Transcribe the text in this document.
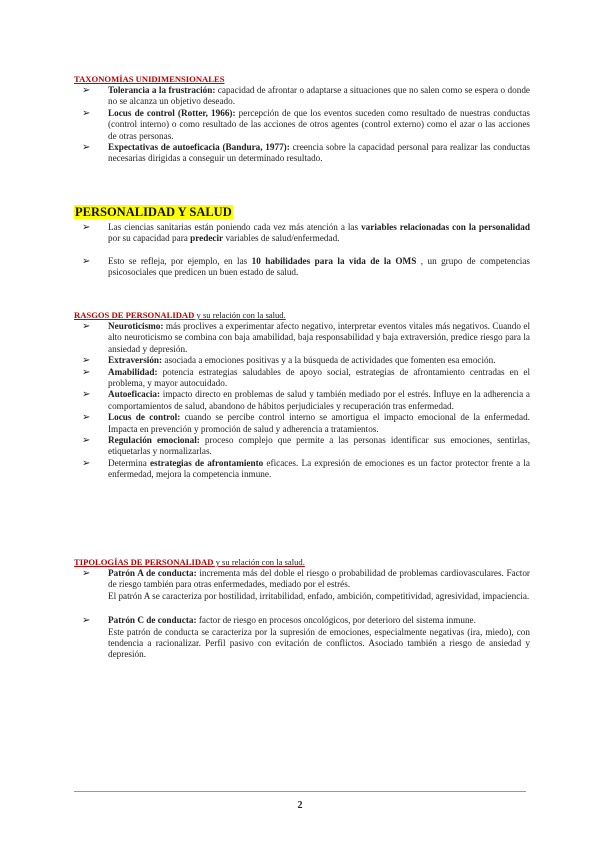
TAXONOMÍAS UNIDIMENSIONALES
➢ Tolerancia a la frustración: capacidad de afrontar o adaptarse a situaciones que no salen como se espera o donde no se alcanza un objetivo deseado.
➢ Locus de control (Rotter, 1966): percepción de que los eventos suceden como resultado de nuestras conductas (control interno) o como resultado de las acciones de otros agentes (control externo) como el azar o las acciones de otras personas.
➢ Expectativas de autoeficacia (Bandura, 1977): creencia sobre la capacidad personal para realizar las conductas necesarias dirigidas a conseguir un determinado resultado.
PERSONALIDAD Y SALUD
➢ Las ciencias sanitarias están poniendo cada vez más atención a las variables relacionadas con la personalidad por su capacidad para predecir variables de salud/enfermedad.
➢ Esto se refleja, por ejemplo, en las 10 habilidades para la vida de la OMS , un grupo de competencias psicosociales que predicen un buen estado de salud.
RASGOS DE PERSONALIDAD y su relación con la salud.
➢ Neuroticismo: más proclives a experimentar afecto negativo, interpretar eventos vitales más negativos. Cuando el alto neuroticismo se combina con baja amabilidad, baja responsabilidad y baja extraversión, predice riesgo para la ansiedad y depresión.
➢ Extraversión: asociada a emociones positivas y a la búsqueda de actividades que fomenten esa emoción.
➢ Amabilidad: potencia estrategias saludables de apoyo social, estrategias de afrontamiento centradas en el problema, y mayor autocuidado.
➢ Autoeficacia: impacto directo en problemas de salud y también mediado por el estrés. Influye en la adherencia a comportamientos de salud, abandono de hábitos perjudiciales y recuperación tras enfermedad.
➢ Locus de control: cuando se percibe control interno se amortigua el impacto emocional de la enfermedad. Impacta en prevención y promoción de salud y adherencia a tratamientos.
➢ Regulación emocional: proceso complejo que permite a las personas identificar sus emociones, sentirlas, etiquetarlas y normalizarlas.
➢ Determina estrategias de afrontamiento eficaces. La expresión de emociones es un factor protector frente a la enfermedad, mejora la competencia inmune.
TIPOLOGÍAS DE PERSONALIDAD y su relación con la salud.
➢ Patrón A de conducta: incrementa más del doble el riesgo o probabilidad de problemas cardiovasculares. Factor de riesgo también para otras enfermedades, mediado por el estrés.
El patrón A se caracteriza por hostilidad, irritabilidad, enfado, ambición, competitividad, agresividad, impaciencia.
➢ Patrón C de conducta: factor de riesgo en procesos oncológicos, por deterioro del sistema inmune.
Este patrón de conducta se caracteriza por la supresión de emociones, especialmente negativas (ira, miedo), con tendencia a racionalizar. Perfil pasivo con evitación de conflictos. Asociado también a riesgo de ansiedad y depresión.
2
